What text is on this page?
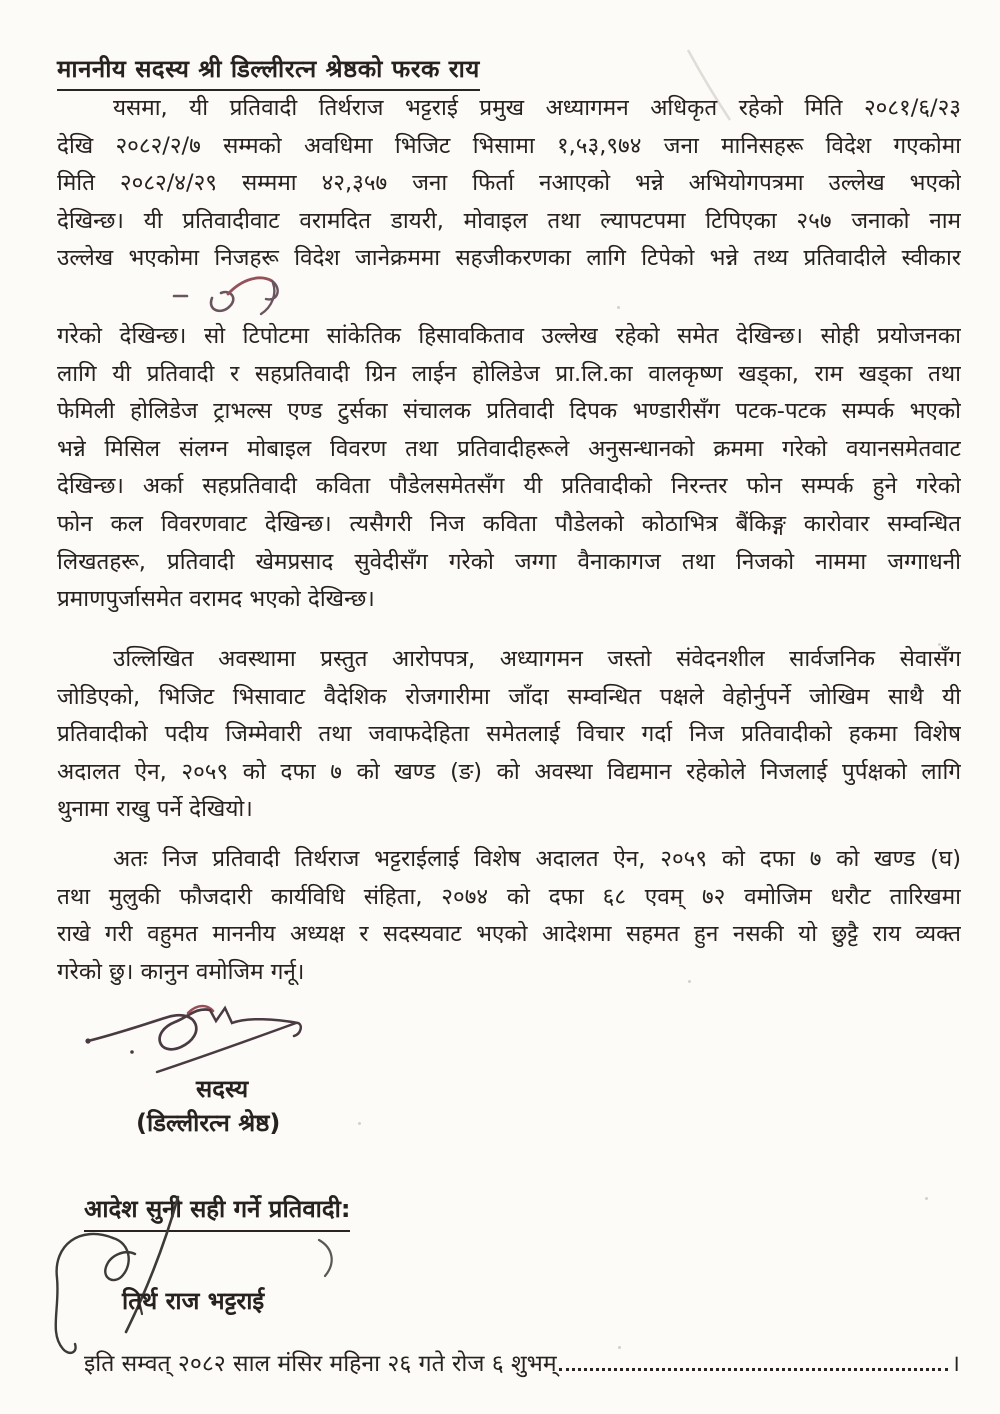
माननीय सदस्य श्री डिल्लीरत्न श्रेष्ठको फरक राय
यसमा, यी प्रतिवादी तिर्थराज भट्टराई प्रमुख अध्यागमन अधिकृत रहेको मिति २०८१/६/२३
देखि २०८२/२/७ सम्मको अवधिमा भिजिट भिसामा १,५३,९७४ जना मानिसहरू विदेश गएकोमा
मिति २०८२/४/२९ सम्ममा ४२,३५७ जना फिर्ता नआएको भन्ने अभियोगपत्रमा उल्लेख भएको
देखिन्छ। यी प्रतिवादीवाट वरामदित डायरी, मोवाइल तथा ल्यापटपमा टिपिएका २५७ जनाको नाम
उल्लेख भएकोमा निजहरू विदेश जानेक्रममा सहजीकरणका लागि टिपेको भन्ने तथ्य प्रतिवादीले स्वीकार
गरेको देखिन्छ। सो टिपोटमा सांकेतिक हिसावकिताव उल्लेख रहेको समेत देखिन्छ। सोही प्रयोजनका
लागि यी प्रतिवादी र सहप्रतिवादी ग्रिन लाईन होलिडेज प्रा.लि.का वालकृष्ण खड्का, राम खड्का तथा
फेमिली होलिडेज ट्राभल्स एण्ड टुर्सका संचालक प्रतिवादी दिपक भण्डारीसँग पटक-पटक सम्पर्क भएको
भन्ने मिसिल संलग्न मोबाइल विवरण तथा प्रतिवादीहरूले अनुसन्धानको क्रममा गरेको वयानसमेतवाट
देखिन्छ। अर्का सहप्रतिवादी कविता पौडेलसमेतसँग यी प्रतिवादीको निरन्तर फोन सम्पर्क हुने गरेको
फोन कल विवरणवाट देखिन्छ। त्यसैगरी निज कविता पौडेलको कोठाभित्र बैंकिङ्ग कारोवार सम्वन्धित
लिखतहरू, प्रतिवादी खेमप्रसाद सुवेदीसँग गरेको जग्गा वैनाकागज तथा निजको नाममा जग्गाधनी
प्रमाणपुर्जासमेत वरामद भएको देखिन्छ।
उल्लिखित अवस्थामा प्रस्तुत आरोपपत्र, अध्यागमन जस्तो संवेदनशील सार्वजनिक सेवासँग
जोडिएको, भिजिट भिसावाट वैदेशिक रोजगारीमा जाँदा सम्वन्धित पक्षले वेहोर्नुपर्ने जोखिम साथै यी
प्रतिवादीको पदीय जिम्मेवारी तथा जवाफदेहिता समेतलाई विचार गर्दा निज प्रतिवादीको हकमा विशेष
अदालत ऐन, २०५९ को दफा ७ को खण्ड (ङ) को अवस्था विद्यमान रहेकोले निजलाई पुर्पक्षको लागि
थुनामा राखु पर्ने देखियो।
अतः निज प्रतिवादी तिर्थराज भट्टराईलाई विशेष अदालत ऐन, २०५९ को दफा ७ को खण्ड (घ)
तथा मुलुकी फौजदारी कार्यविधि संहिता, २०७४ को दफा ६८ एवम् ७२ वमोजिम धरौट तारिखमा
राखे गरी वहुमत माननीय अध्यक्ष र सदस्यवाट भएको आदेशमा सहमत हुन नसकी यो छुट्टै राय व्यक्त
गरेको छु। कानुन वमोजिम गर्नू।
सदस्य
(डिल्लीरत्न श्रेष्ठ)
आदेश सुनी सही गर्ने प्रतिवादी:
तिर्थ राज भट्टराई
इति सम्वत् २०८२ साल मंसिर महिना २६ गते रोज ६ शुभम्	।
